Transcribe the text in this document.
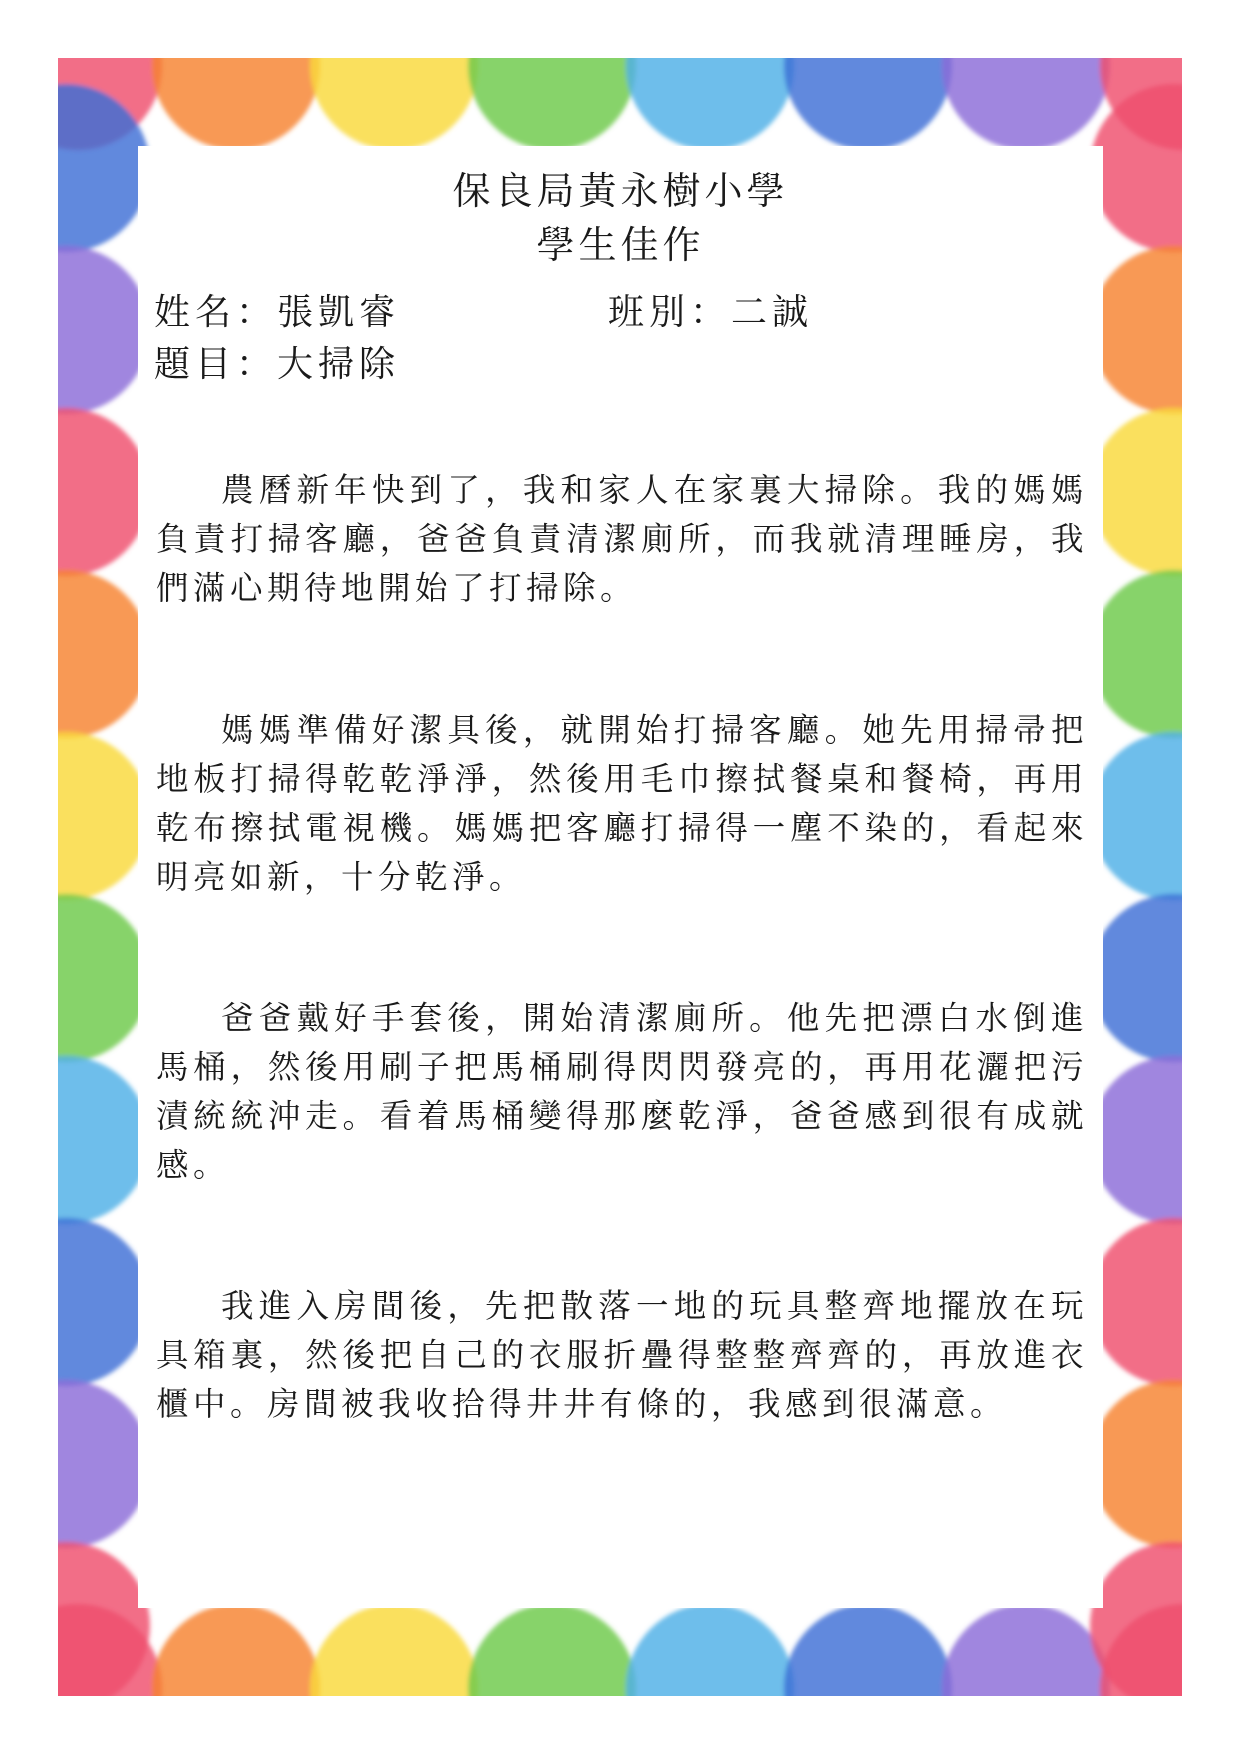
保良局黃永樹小學
學生佳作
姓名：張凱睿	班別：二誠
題目：大掃除

農曆新年快到了，我和家人在家裏大掃除。我的媽媽負責打掃客廳，爸爸負責清潔廁所，而我就清理睡房，我們滿心期待地開始了打掃除。

媽媽準備好潔具後，就開始打掃客廳。她先用掃帚把地板打掃得乾乾淨淨，然後用毛巾擦拭餐桌和餐椅，再用乾布擦拭電視機。媽媽把客廳打掃得一塵不染的，看起來明亮如新，十分乾淨。

爸爸戴好手套後，開始清潔廁所。他先把漂白水倒進馬桶，然後用刷子把馬桶刷得閃閃發亮的，再用花灑把污漬統統沖走。看着馬桶變得那麼乾淨，爸爸感到很有成就感。

我進入房間後，先把散落一地的玩具整齊地擺放在玩具箱裏，然後把自己的衣服折疊得整整齊齊的，再放進衣櫃中。房間被我收拾得井井有條的，我感到很滿意。
